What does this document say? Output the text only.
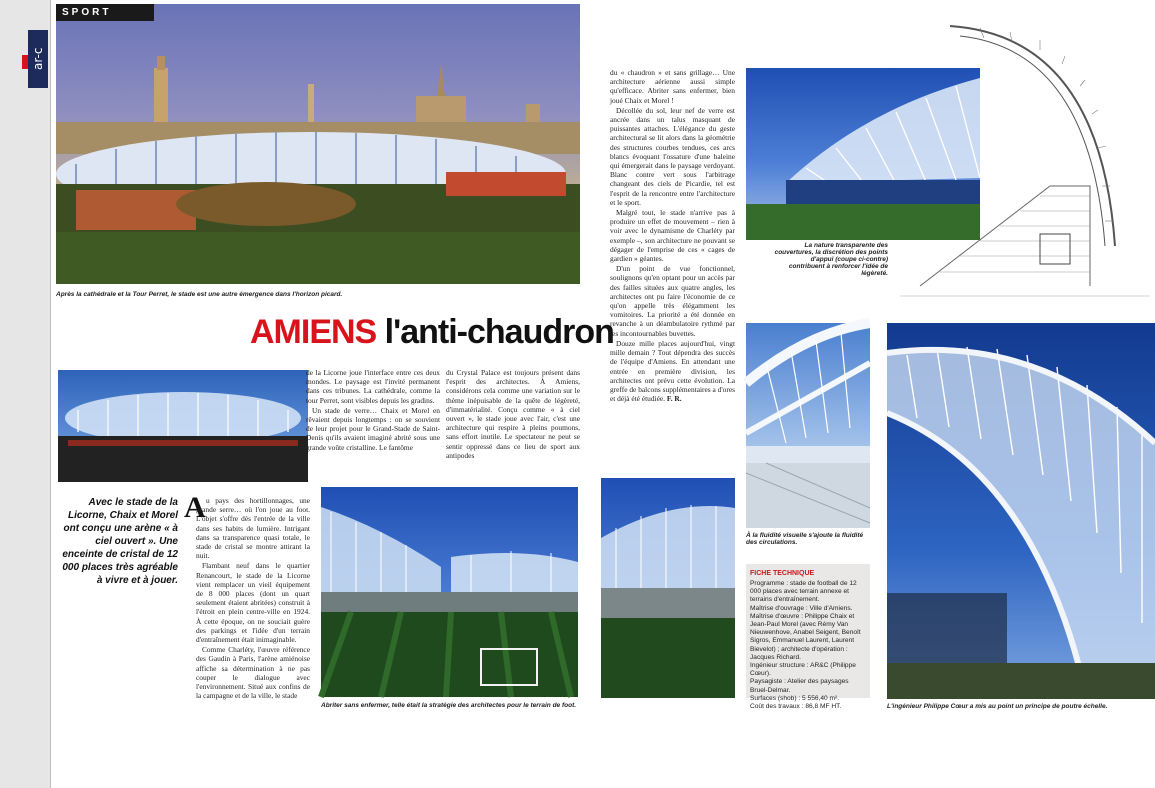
ar-c
SPORT
Après la cathédrale et la Tour Perret, le stade est une autre émergence dans l'horizon picard.
AMIENS l'anti-chaudron
Avec le stade de la Licorne, Chaix et Morel ont conçu une arène « à ciel ouvert ». Une enceinte de cristal de 12 000 places très agréable à vivre et à jouer.
A u pays des hortillonnages, une grande serre… où l'on joue au foot. L'objet s'offre dès l'entrée de la ville dans ses habits de lumière. Intrigant dans sa transparence quasi totale, le stade de cristal se montre attirant la nuit.

Flambant neuf dans le quartier Renancourt, le stade de la Licorne vient remplacer un vieil équipement de 8 000 places (dont un quart seulement étaient abritées) construit à l'étroit en plein centre-ville en 1924. À cette époque, on ne souciait guère des parkings et l'idée d'un terrain d'entraînement était inimaginable.

Comme Charléty, l'œuvre référence des Gaudin à Paris, l'arène amiénoise affiche sa détermination à ne pas couper le dialogue avec l'environnement. Situé aux confins de la campagne et de la ville, le stade

de la Licorne joue l'interface entre ces deux mondes. Le paysage est l'invité permanent dans ces tribunes. La cathédrale, comme la tour Perret, sont visibles depuis les gradins.

Un stade de verre… Chaix et Morel en rêvaient depuis longtemps : on se souvient de leur projet pour le Grand-Stade de Saint-Denis qu'ils avaient imaginé abrité sous une grande voûte cristalline. Le fantôme

du Crystal Palace est toujours présent dans l'esprit des architectes. À Amiens, considérons cela comme une variation sur le thème inépuisable de la quête de légèreté, d'immatérialité. Conçu comme « à ciel ouvert », le stade joue avec l'air, c'est une architecture qui respire à pleins poumons, sans effort inutile. Le spectateur ne peut se sentir oppressé dans ce lieu de sport aux antipodes

Abriter sans enfermer, telle était la stratégie des architectes pour le terrain de foot.

du « chaudron » et sans grillage… Une architecture aérienne aussi simple qu'efficace. Abriter sans enfermer, bien joué Chaix et Morel !

Décollée du sol, leur nef de verre est ancrée dans un talus masquant de puissantes attaches. L'élégance du geste architectural se lit alors dans la géométrie des structures courbes tendues, ces arcs blancs évoquant l'ossature d'une baleine qui émergerait dans le paysage verdoyant. Blanc contre vert sous l'arbitrage changeant des ciels de Picardie, tel est l'esprit de la rencontre entre l'architecture et le sport.

Malgré tout, le stade n'arrive pas à produire un effet de mouvement – rien à voir avec le dynamisme de Charléty par exemple –, son architecture ne pouvant se dégager de l'emprise de ces « cages de gardien » géantes.

D'un point de vue fonctionnel, soulignons qu'en optant pour un accès par des failles situées aux quatre angles, les architectes ont pu faire l'économie de ce qu'on appelle très élégamment les vomitoires. La priorité a été donnée en revanche à un déambulatoire rythmé par les incontournables buvettes.

Douze mille places aujourd'hui, vingt mille demain ? Tout dépendra des succès de l'équipe d'Amiens. En attendant une entrée en première division, les architectes ont prévu cette évolution. La greffe de balcons supplémentaires a d'ores et déjà été étudiée. F. R.

La nature transparente des couvertures, la discrétion des points d'appui (coupe ci-contre) contribuent à renforcer l'idée de légèreté.
À la fluidité visuelle s'ajoute la fluidité des circulations.
FICHE TECHNIQUE

Programme : stade de football de 12 000 places avec terrain annexe et terrains d'entraînement.

Maîtrise d'ouvrage : Ville d'Amiens.

Maîtrise d'œuvre : Philippe Chaix et Jean-Paul Morel (avec Rémy Van Nieuwenhove, Anabel Seigent, Benoît Sigros, Emmanuel Laurent, Laurent Bievelot) ; architecte d'opération : Jacques Richard.

Ingénieur structure : AR&C (Philippe Cœur).

Paysagiste : Atelier des paysages Bruel-Delmar.

Surfaces (shob) : 5 556,40 m².

Coût des travaux : 86,8 MF HT.	L'ingénieur Philippe Cœur a mis au point un principe de poutre échelle.
